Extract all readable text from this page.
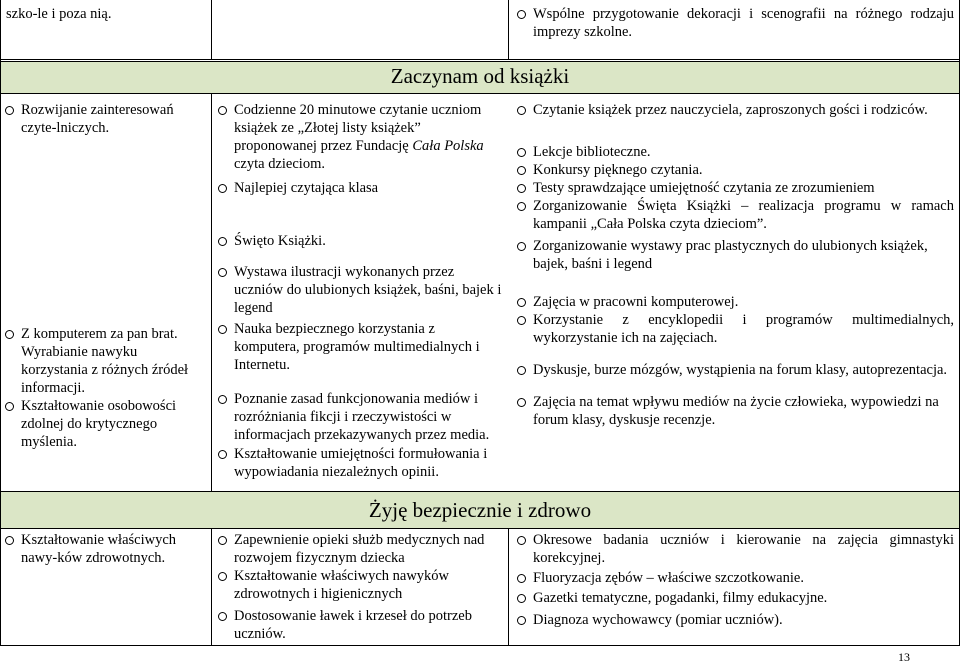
szko-le i poza nią.	Wspólne przygotowanie dekoracji i scenografii na różnego rodzaju imprezy szkolne.
Zaczynam od książki
Rozwijanie zainteresowań czyte-lniczych.
Z komputerem za pan brat. Wyrabianie nawyku korzystania z różnych źródeł informacji.
Kształtowanie osobowości zdolnej do krytycznego myślenia.
Codzienne 20 minutowe czytanie uczniom książek ze „Złotej listy książek” proponowanej przez Fundację Cała Polska czyta dzieciom.
Najlepiej czytająca klasa
Święto Książki.
Wystawa ilustracji wykonanych przez uczniów do ulubionych książek, baśni, bajek i legend
Nauka bezpiecznego korzystania z komputera, programów multimedialnych i Internetu.
Poznanie zasad funkcjonowania mediów i rozróżniania fikcji i rzeczywistości w informacjach przekazywanych przez media.
Kształtowanie umiejętności formułowania i wypowiadania niezależnych opinii.
Czytanie książek przez nauczyciela, zaproszonych gości i rodziców.
Lekcje biblioteczne.
Konkursy pięknego czytania.
Testy sprawdzające umiejętność czytania ze zrozumieniem
Zorganizowanie Święta Książki – realizacja programu w ramach kampanii „Cała Polska czyta dzieciom”.
Zorganizowanie wystawy prac plastycznych do ulubionych książek, bajek, baśni i legend
Zajęcia w pracowni komputerowej.
Korzystanie z encyklopedii i programów multimedialnych, wykorzystanie ich na zajęciach.
Dyskusje, burze mózgów, wystąpienia na forum klasy, autoprezentacja.
Zajęcia na temat wpływu mediów na życie człowieka, wypowiedzi na forum klasy, dyskusje recenzje.
Żyję bezpiecznie i zdrowo
Kształtowanie właściwych nawy-ków zdrowotnych.
Zapewnienie opieki służb medycznych nad rozwojem fizycznym dziecka
Kształtowanie właściwych nawyków zdrowotnych i higienicznych
Dostosowanie ławek i krzeseł do potrzeb uczniów.
Okresowe badania uczniów i kierowanie na zajęcia gimnastyki korekcyjnej.
Fluoryzacja zębów – właściwe szczotkowanie.
Gazetki tematyczne, pogadanki, filmy edukacyjne.
Diagnoza wychowawcy (pomiar uczniów).
13
